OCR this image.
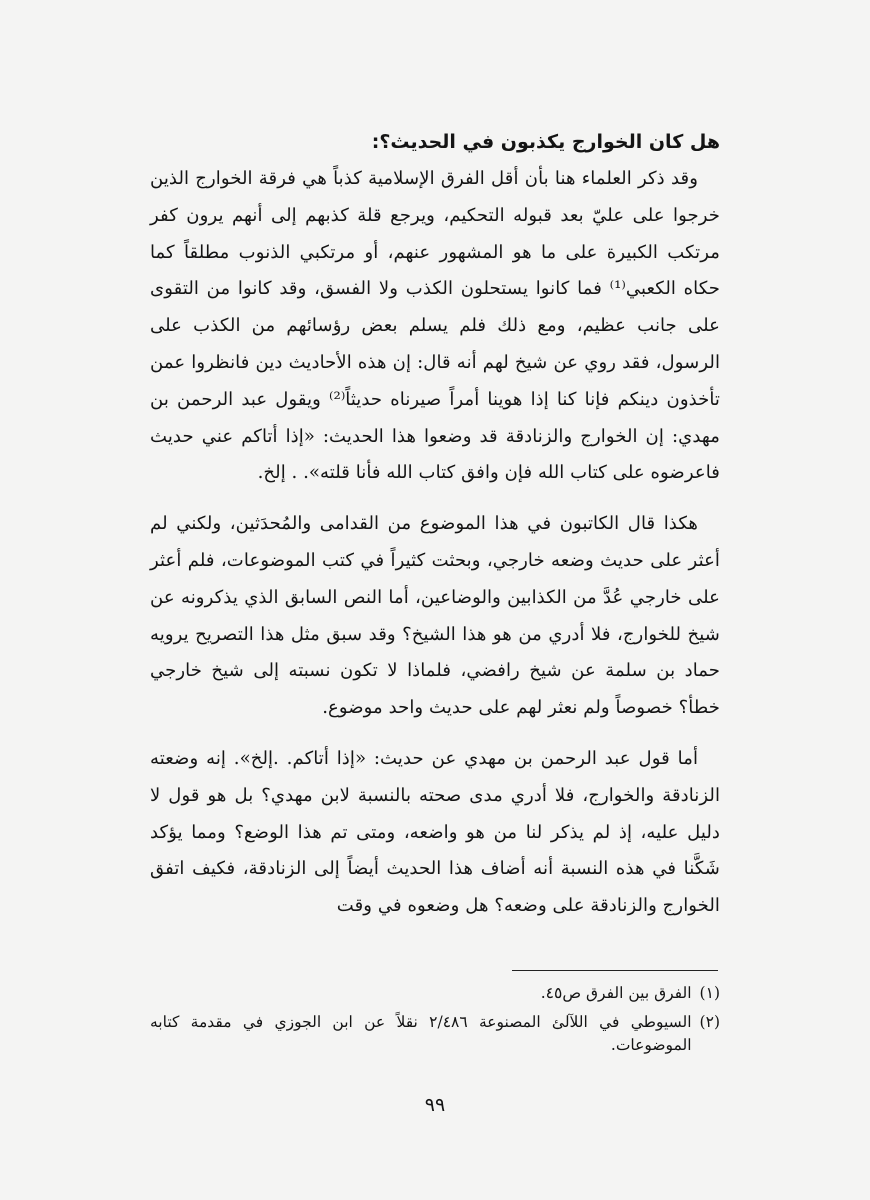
هل كان الخوارج يكذبون في الحديث؟:

وقد ذكر العلماء هنا بأن أقل الفرق الإسلامية كذباً هي فرقة الخوارج الذين خرجوا على عليّ بعد قبوله التحكيم، ويرجع قلة كذبهم إلى أنهم يرون كفر مرتكب الكبيرة على ما هو المشهور عنهم، أو مرتكبي الذنوب مطلقاً كما حكاه الكعبي⁽¹⁾ فما كانوا يستحلون الكذب ولا الفسق، وقد كانوا من التقوى على جانب عظيم، ومع ذلك فلم يسلم بعض رؤسائهم من الكذب على الرسول، فقد روي عن شيخ لهم أنه قال: إن هذه الأحاديث دين فانظروا عمن تأخذون دينكم فإنا كنا إذا هوينا أمراً صيرناه حديثاً⁽²⁾ ويقول عبد الرحمن بن مهدي: إن الخوارج والزنادقة قد وضعوا هذا الحديث: «إذا أتاكم عني حديث فاعرضوه على كتاب الله فإن وافق كتاب الله فأنا قلته». . إلخ.

هكذا قال الكاتبون في هذا الموضوع من القدامى والمُحدَثين، ولكني لم أعثر على حديث وضعه خارجي، وبحثت كثيراً في كتب الموضوعات، فلم أعثر على خارجي عُدَّ من الكذابين والوضاعين، أما النص السابق الذي يذكرونه عن شيخ للخوارج، فلا أدري من هو هذا الشيخ؟ وقد سبق مثل هذا التصريح يرويه حماد بن سلمة عن شيخ رافضي، فلماذا لا تكون نسبته إلى شيخ خارجي خطأ؟ خصوصاً ولم نعثر لهم على حديث واحد موضوع.

أما قول عبد الرحمن بن مهدي عن حديث: «إذا أتاكم. .إلخ». إنه وضعته الزنادقة والخوارج، فلا أدري مدى صحته بالنسبة لابن مهدي؟ بل هو قول لا دليل عليه، إذ لم يذكر لنا من هو واضعه، ومتى تم هذا الوضع؟ ومما يؤكد شَكَّنا في هذه النسبة أنه أضاف هذا الحديث أيضاً إلى الزنادقة، فكيف اتفق الخوارج والزنادقة على وضعه؟ هل وضعوه في وقت

(١)
الفرق بين الفرق ص٤٥.
(٢)
السيوطي في اللآلئ المصنوعة ٢/٤٨٦ نقلاً عن ابن الجوزي في مقدمة كتابه الموضوعات.
٩٩
